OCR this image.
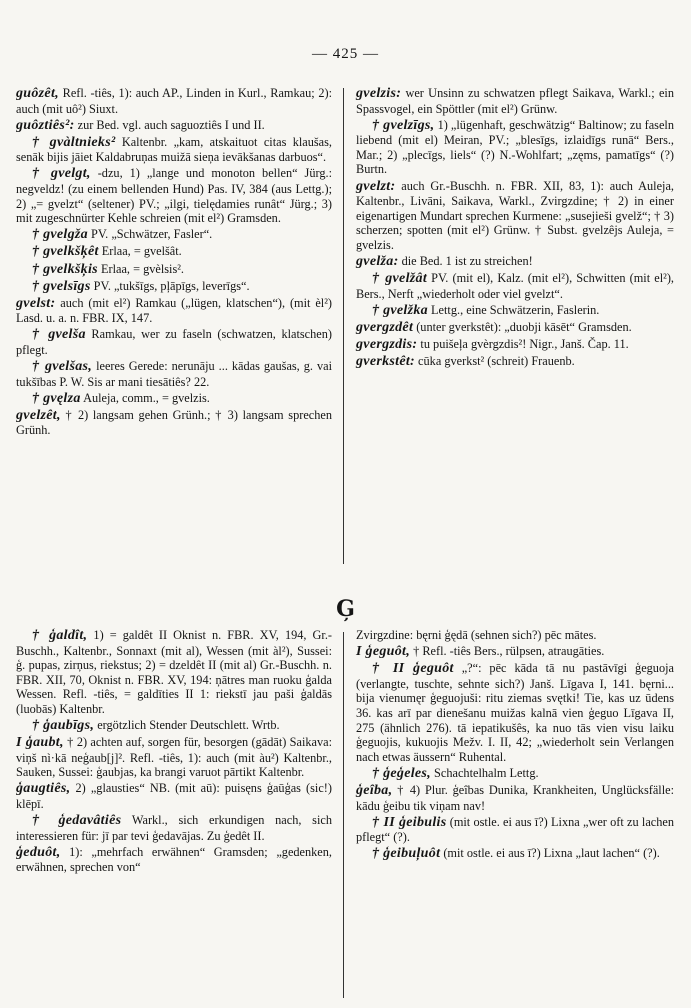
— 425 —

guôzêt, Refl. -tiês, 1): auch AP., Linden in Kurl., Ramkau; 2): auch (mit uô²) Siuxt.

guôztiês²: zur Bed. vgl. auch saguoztiês I und II.

† gvàltnieks² Kaltenbr. „kam, atskaituot citas klaušas, senāk bijis jāiet Kaldabruņas muižā sieņa ievākšanas darbuos“.

† gvelgt, -dzu, 1) „lange und monoton bellen“ Jürg.: negveldz! (zu einem bellenden Hund) Pas. IV, 384 (aus Lettg.); 2) „= gvelzt“ (seltener) PV.; „ilgi, tielędamies runât“ Jürg.; 3) mit zugeschnürter Kehle schreien (mit el²) Gramsden.

† gvelgža PV. „Schwätzer, Fasler“.

† gvelkšķêt Erlaa, = gvelšât.

† gvelkšķis Erlaa, = gvèlsis².

† gvelsīgs PV. „tukšīgs, pļāpīgs, leverīgs“.

gvelst: auch (mit el²) Ramkau („lügen, klatschen“), (mit èl²) Lasd. u. a. n. FBR. IX, 147.

† gvelša Ramkau, wer zu faseln (schwatzen, klatschen) pflegt.

† gvelšas, leeres Gerede: nerunāju ... kādas gaušas, g. vai tukšības P. W. Sis ar mani tiesātiês? 22.

† gvęlza Auleja, comm., = gvelzis.

gvelzêt, † 2) langsam gehen Grünh.; † 3) langsam sprechen Grünh.

gvelzis: wer Unsinn zu schwatzen pflegt Saikava, Warkl.; ein Spassvogel, ein Spöttler (mit el²) Grünw.

† gvelzīgs, 1) „lügenhaft, geschwätzig“ Baltinow; zu faseln liebend (mit el) Meiran, PV.; „blesīgs, izlaidīgs runā“ Bers., Mar.; 2) „plecīgs, liels“ (?) N.-Wohlfart; „zęms, pamatīgs“ (?) Burtn.

gvelzt: auch Gr.-Buschh. n. FBR. XII, 83, 1): auch Auleja, Kaltenbr., Livāni, Saikava, Warkl., Zvirgzdine; † 2) in einer eigenartigen Mundart sprechen Kurmene: „susejieši gvelž“; † 3) scherzen; spotten (mit el²) Grünw. † Subst. gvelzêjs Auleja, = gvelzis.

gvelža: die Bed. 1 ist zu streichen!

† gvelžât PV. (mit el), Kalz. (mit el²), Schwitten (mit el²), Bers., Nerft „wiederholt oder viel gvelzt“.

† gvelžka Lettg., eine Schwätzerin, Faslerin.

gvergzdêt (unter gverkstêt): „duobji kāsēt“ Gramsden.

gvergzdis: tu puišeļa gvèrgzdis²! Nigr., Janš. Čap. 11.

gverkstêt: cūka gverkst² (schreit) Frauenb.

Ģ

† ģaldît, 1) = galdêt II Oknist n. FBR. XV, 194, Gr.-Buschh., Kaltenbr., Sonnaxt (mit al), Wessen (mit àl²), Sussei: ģ. pupas, zirņus, riekstus; 2) = dzeldêt II (mit al) Gr.-Buschh. n. FBR. XII, 70, Oknist n. FBR. XV, 194: ņātres man ruoku ģalda Wessen. Refl. -tiês, = galdīties II 1: riekstī jau paši ģaldās (luobās) Kaltenbr.

† ģaubīgs, ergötzlich Stender Deutschlett. Wrtb.

I ģaubt, † 2) achten auf, sorgen für, besorgen (gādāt) Saikava: viņš nì·kā neģaub[j]². Refl. -tiês, 1): auch (mit àu²) Kaltenbr., Sauken, Sussei: ģaubjas, ka brangi varuot pārtikt Kaltenbr.

ģaugtiês, 2) „glausties“ NB. (mit aū): puisęns ģaūģas (sic!) klēpī.

† ģedavâtiês Warkl., sich erkundigen nach, sich interessieren für: jī par tevi ģedavājas. Zu ģedêt II.

ģeduôt, 1): „mehrfach erwähnen“ Gramsden; „gedenken, erwähnen, sprechen von“

Zvirgzdine: bęrni ģędā (sehnen sich?) pēc mātes.

I ģeguôt, † Refl. -tiês Bers., rülpsen, atraugāties.

† II ģeguôt „?“: pēc kāda tā nu pastāvīgi ģeguoja (verlangte, tuschte, sehnte sich?) Janš. Līgava I, 141. bęrni... bija vienumęr ģeguojuši: ritu ziemas svętki! Tie, kas uz ūdens 36. kas arī par dienešanu muižas kalnā vien ģeguo Līgava II, 275 (ähnlich 276). tā iepatikušês, ka nuo tās vien visu laiku ģeguojis, kukuojis Mežv. I. II, 42; „wiederholt sein Verlangen nach etwas äussern“ Ruhental.

† ģeģeles, Schachtelhalm Lettg.

ģeîba, † 4) Plur. ģeîbas Dunika, Krankheiten, Unglücksfälle: kādu ģeibu tik viņam nav!

† II ģeibulis (mit ostle. ei aus ī?) Lixna „wer oft zu lachen pflegt“ (?).

† ģeibuļuôt (mit ostle. ei aus ī?) Lixna „laut lachen“ (?).
